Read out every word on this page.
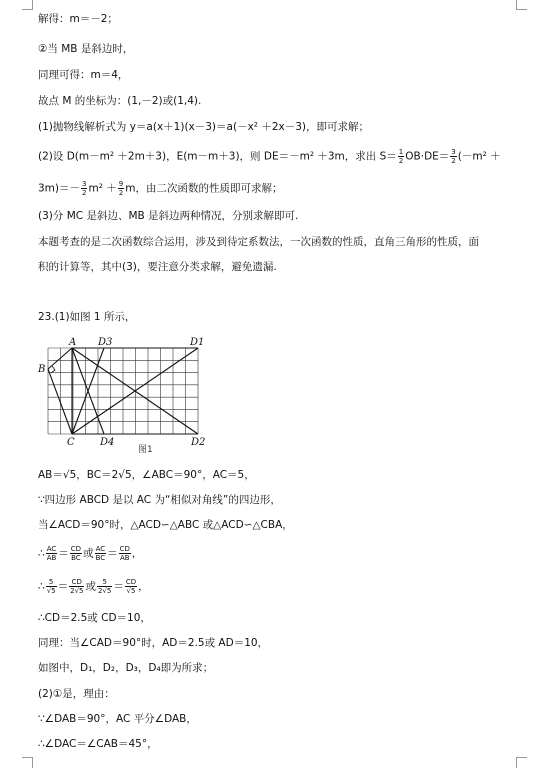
解得：m＝－2；
②当 MB 是斜边时，
同理可得：m＝4，
故点 M 的坐标为：(1,－2)或(1,4).
(1)抛物线解析式为 y＝a(x＋1)(x－3)＝a(－x² ＋2x－3)，即可求解；
(2)设 D(m－m² ＋2m＋3)，E(m－m＋3)，则 DE＝－m² ＋3m，求出 $S= \frac{1}{2} OB\cdot DE= \frac{3}{2} (-m^2$ ＋
$3m)=- \frac{3}{2} m^2 + \frac{9}{2}$ m，由二次函数的性质即可求解；
(3)分 MC 是斜边、MB 是斜边两种情况，分别求解即可.
本题考查的是二次函数综合运用，涉及到待定系数法，一次函数的性质，直角三角形的性质，面
积的计算等，其中(3)，要注意分类求解，避免遗漏.
23.(1)如图 1 所示，
A
B
C
D1
D2
D3
D4
图1
AB＝√5，BC＝2√5，∠ABC＝90°，AC＝5，
∵四边形 ABCD 是以 AC 为“相似对角线”的四边形，
当∠ACD＝90°时，△ACD∽△ABC 或△ACD∽△CBA，
∴ $\frac{AC}{AB} = \frac{CD}{BC}$ 或 $\frac{AC}{BC} = \frac{CD}{AB}$ ，
∴ $\frac{5}{√5} = \frac{CD}{2√5}$ 或 $\frac{5}{2√5} = \frac{CD}{√5}$ ，
∴CD＝2.5或 CD＝10，
同理：当∠CAD＝90°时，AD＝2.5或 AD＝10，
如图中，D₁，D₂，D₃，D₄即为所求；
(2)①是，理由：
∵∠DAB＝90°，AC 平分∠DAB，
∴∠DAC＝∠CAB＝45°，
